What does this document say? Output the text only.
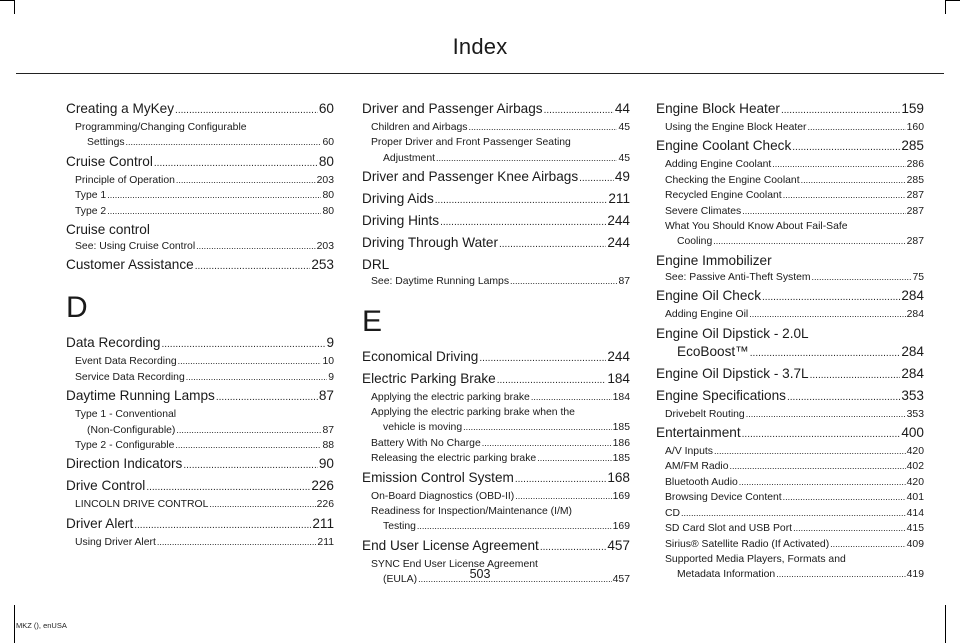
Index
Creating a MyKey .....	60
Programming/Changing Configurable
Settings .....	60
Cruise Control .....	80
Principle of Operation .....	203
Type 1 .....	80
Type 2 .....	80
Cruise control
See: Using Cruise Control .....	203
Customer Assistance .....	253
D
Data Recording .....	9
Event Data Recording .....	10
Service Data Recording .....	9
Daytime Running Lamps .....	87
Type 1 - Conventional
(Non-Configurable) .....	87
Type 2 - Configurable .....	88
Direction Indicators .....	90
Drive Control .....	226
LINCOLN DRIVE CONTROL .....	226
Driver Alert .....	211
Using Driver Alert .....	211
Driver and Passenger Airbags .....	44
Children and Airbags .....	45
Proper Driver and Front Passenger Seating
Adjustment .....	45
Driver and Passenger Knee Airbags .....	49
Driving Aids .....	211
Driving Hints .....	244
Driving Through Water .....	244
DRL
See: Daytime Running Lamps .....	87
E
Economical Driving .....	244
Electric Parking Brake .....	184
Applying the electric parking brake .....	184
Applying the electric parking brake when the
vehicle is moving .....	185
Battery With No Charge .....	186
Releasing the electric parking brake .....	185
Emission Control System .....	168
On-Board Diagnostics (OBD-II) .....	169
Readiness for Inspection/Maintenance (I/M)
Testing .....	169
End User License Agreement .....	457
SYNC End User License Agreement
(EULA) .....	457
Engine Block Heater .....	159
Using the Engine Block Heater .....	160
Engine Coolant Check .....	285
Adding Engine Coolant .....	286
Checking the Engine Coolant .....	285
Recycled Engine Coolant .....	287
Severe Climates .....	287
What You Should Know About Fail-Safe
Cooling .....	287
Engine Immobilizer
See: Passive Anti-Theft System .....	75
Engine Oil Check .....	284
Adding Engine Oil .....	284
Engine Oil Dipstick - 2.0L
EcoBoost™ .....	284
Engine Oil Dipstick - 3.7L .....	284
Engine Specifications .....	353
Drivebelt Routing .....	353
Entertainment .....	400
A/V Inputs .....	420
AM/FM Radio .....	402
Bluetooth Audio .....	420
Browsing Device Content .....	401
CD .....	414
SD Card Slot and USB Port .....	415
Sirius® Satellite Radio (If Activated) .....	409
Supported Media Players, Formats and
Metadata Information .....	419
503
MKZ (), enUSA
